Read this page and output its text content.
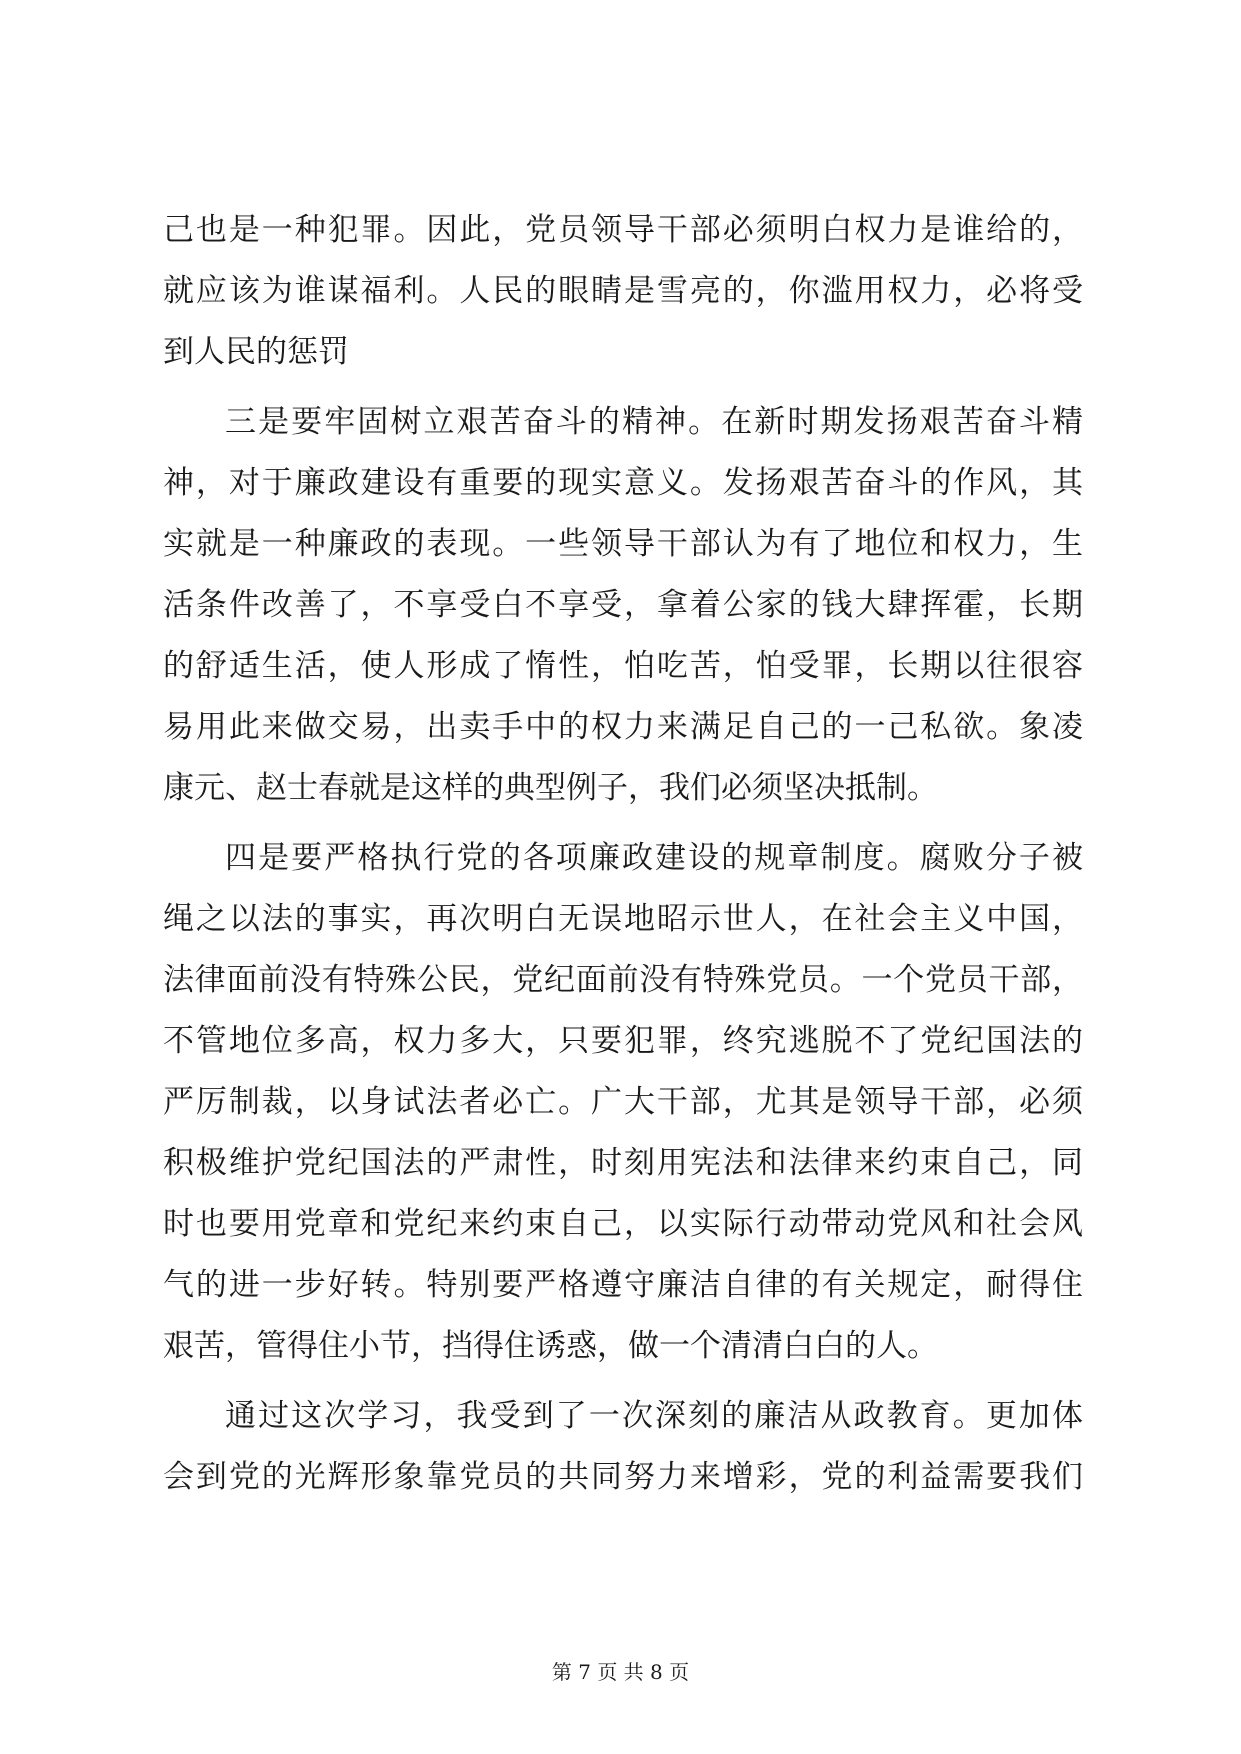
己也是一种犯罪。因此，党员领导干部必须明白权力是谁给的，
就应该为谁谋福利。人民的眼睛是雪亮的，你滥用权力，必将受
到人民的惩罚
三是要牢固树立艰苦奋斗的精神。在新时期发扬艰苦奋斗精
神，对于廉政建设有重要的现实意义。发扬艰苦奋斗的作风，其
实就是一种廉政的表现。一些领导干部认为有了地位和权力，生
活条件改善了，不享受白不享受，拿着公家的钱大肆挥霍，长期
的舒适生活，使人形成了惰性，怕吃苦，怕受罪，长期以往很容
易用此来做交易，出卖手中的权力来满足自己的一己私欲。象凌
康元、赵士春就是这样的典型例子，我们必须坚决抵制。
四是要严格执行党的各项廉政建设的规章制度。腐败分子被
绳之以法的事实，再次明白无误地昭示世人，在社会主义中国，
法律面前没有特殊公民，党纪面前没有特殊党员。一个党员干部，
不管地位多高，权力多大，只要犯罪，终究逃脱不了党纪国法的
严厉制裁，以身试法者必亡。广大干部，尤其是领导干部，必须
积极维护党纪国法的严肃性，时刻用宪法和法律来约束自己，同
时也要用党章和党纪来约束自己，以实际行动带动党风和社会风
气的进一步好转。特别要严格遵守廉洁自律的有关规定，耐得住
艰苦，管得住小节，挡得住诱惑，做一个清清白白的人。
通过这次学习，我受到了一次深刻的廉洁从政教育。更加体
会到党的光辉形象靠党员的共同努力来增彩，党的利益需要我们
第 7 页 共 8 页
